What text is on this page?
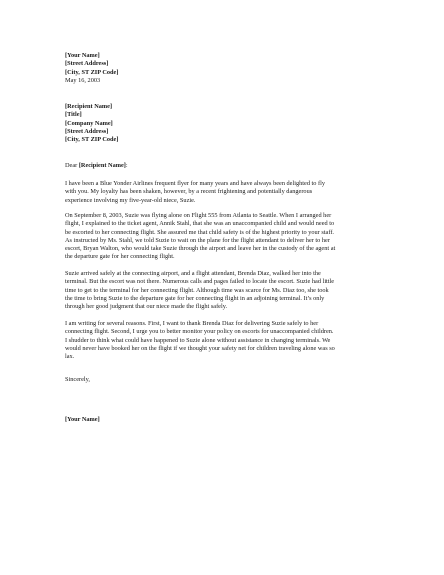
[Your Name]
[Street Address]
[City, ST ZIP Code]
May 16, 2003
[Recipient Name]
[Title]
[Company Name]
[Street Address]
[City, ST ZIP Code]
Dear [Recipient Name]:
I have been a Blue Yonder Airlines frequent flyer for many years and have always been delighted to fly
with you. My loyalty has been shaken, however, by a recent frightening and potentially dangerous
experience involving my five-year-old niece, Suzie.
On September 8, 2003, Suzie was flying alone on Flight 555 from Atlanta to Seattle. When I arranged her
flight, I explained to the ticket agent, Annik Stahl, that she was an unaccompanied child and would need to
be escorted to her connecting flight. She assured me that child safety is of the highest priority to your staff.
As instructed by Ms. Stahl, we told Suzie to wait on the plane for the flight attendant to deliver her to her
escort, Bryan Walton, who would take Suzie through the airport and leave her in the custody of the agent at
the departure gate for her connecting flight.
Suzie arrived safely at the connecting airport, and a flight attendant, Brenda Diaz, walked her into the
terminal. But the escort was not there. Numerous calls and pages failed to locate the escort. Suzie had little
time to get to the terminal for her connecting flight. Although time was scarce for Ms. Diaz too, she took
the time to bring Suzie to the departure gate for her connecting flight in an adjoining terminal. It’s only
through her good judgment that our niece made the flight safely.
I am writing for several reasons. First, I want to thank Brenda Diaz for delivering Suzie safely to her
connecting flight. Second, I urge you to better monitor your policy on escorts for unaccompanied children.
I shudder to think what could have happened to Suzie alone without assistance in changing terminals. We
would never have booked her on the flight if we thought your safety net for children traveling alone was so
lax.
Sincerely,
[Your Name]
